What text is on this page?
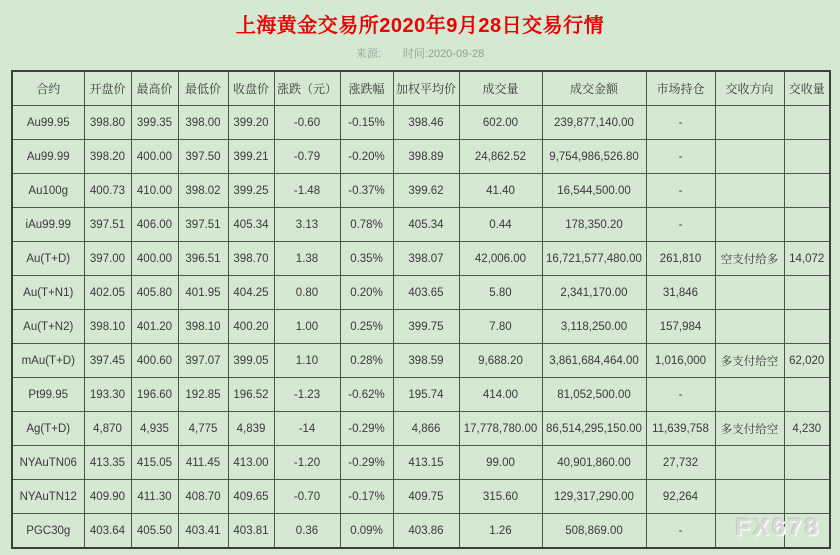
上海黄金交易所2020年9月28日交易行情
来源: 时间:2020-09-28
合约	开盘价	最高价	最低价	收盘价	涨跌（元）	涨跌幅	加权平均价	成交量	成交金额	市场持仓	交收方向	交收量
Au99.95	398.80	399.35	398.00	399.20	-0.60	-0.15%	398.46	602.00	239,877,140.00	-		
Au99.99	398.20	400.00	397.50	399.21	-0.79	-0.20%	398.89	24,862.52	9,754,986,526.80	-		
Au100g	400.73	410.00	398.02	399.25	-1.48	-0.37%	399.62	41.40	16,544,500.00	-		
iAu99.99	397.51	406.00	397.51	405.34	3.13	0.78%	405.34	0.44	178,350.20	-		
Au(T+D)	397.00	400.00	396.51	398.70	1.38	0.35%	398.07	42,006.00	16,721,577,480.00	261,810	空支付给多	14,072
Au(T+N1)	402.05	405.80	401.95	404.25	0.80	0.20%	403.65	5.80	2,341,170.00	31,846		
Au(T+N2)	398.10	401.20	398.10	400.20	1.00	0.25%	399.75	7.80	3,118,250.00	157,984		
mAu(T+D)	397.45	400.60	397.07	399.05	1.10	0.28%	398.59	9,688.20	3,861,684,464.00	1,016,000	多支付给空	62,020
Pt99.95	193.30	196.60	192.85	196.52	-1.23	-0.62%	195.74	414.00	81,052,500.00	-		
Ag(T+D)	4,870	4,935	4,775	4,839	-14	-0.29%	4,866	17,778,780.00	86,514,295,150.00	11,639,758	多支付给空	4,230
NYAuTN06	413.35	415.05	411.45	413.00	-1.20	-0.29%	413.15	99.00	40,901,860.00	27,732		
NYAuTN12	409.90	411.30	408.70	409.65	-0.70	-0.17%	409.75	315.60	129,317,290.00	92,264		
PGC30g	403.64	405.50	403.41	403.81	0.36	0.09%	403.86	1.26	508,869.00	-		FX678
